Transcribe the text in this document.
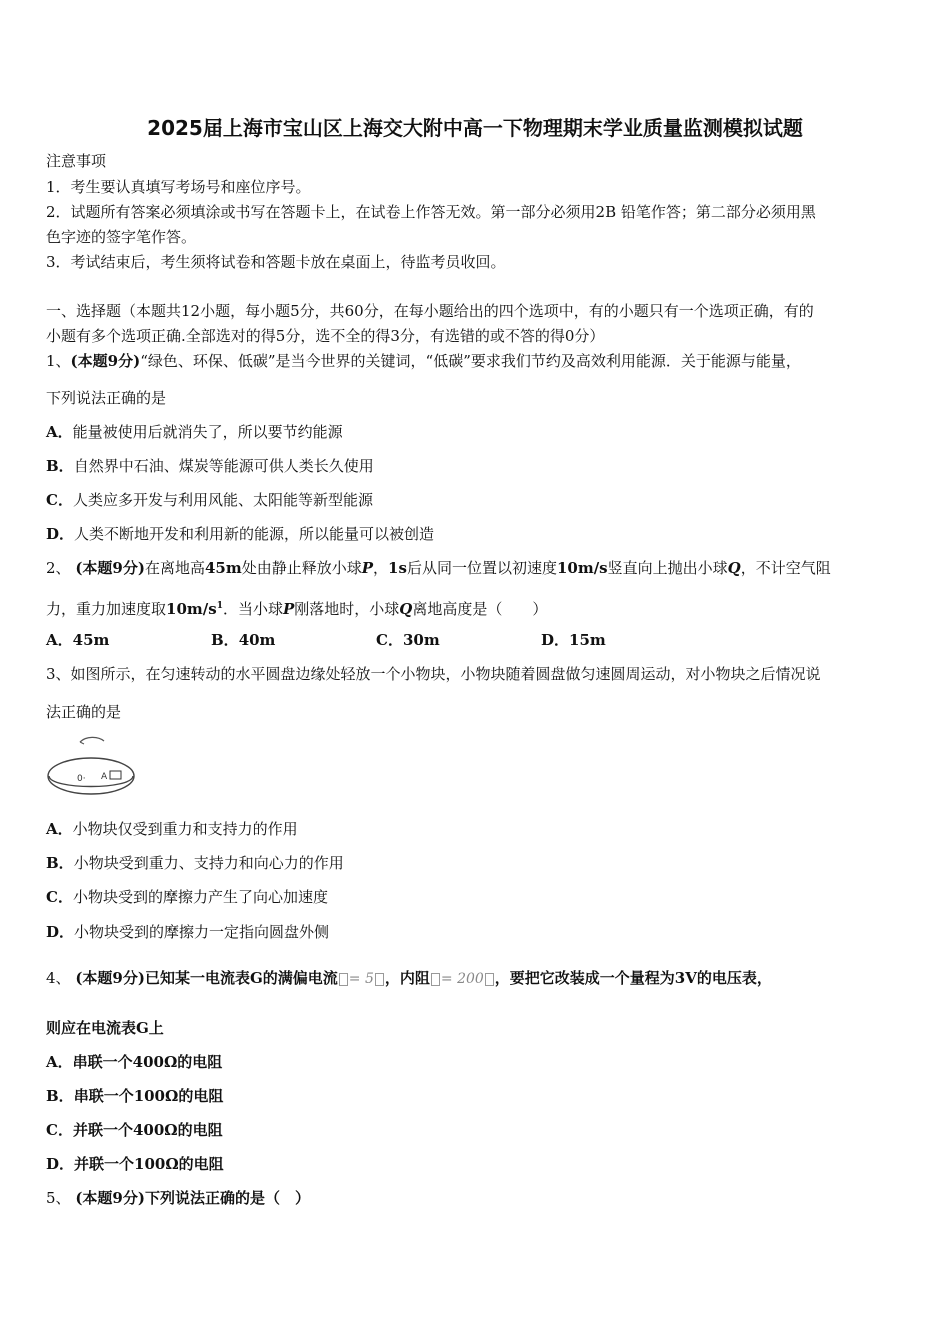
2025届上海市宝山区上海交大附中高一下物理期末学业质量监测模拟试题
注意事项
1．考生要认真填写考场号和座位序号。
2．试题所有答案必须填涂或书写在答题卡上，在试卷上作答无效。第一部分必须用2B 铅笔作答；第二部分必须用黑
色字迹的签字笔作答。
3．考试结束后，考生须将试卷和答题卡放在桌面上，待监考员收回。
一、选择题（本题共12小题，每小题5分，共60分，在每小题给出的四个选项中，有的小题只有一个选项正确，有的
小题有多个选项正确.全部选对的得5分，选不全的得3分，有选错的或不答的得0分）
1、(本题9分)“绿色、环保、低碳”是当今世界的关键词，“低碳”要求我们节约及高效利用能源．关于能源与能量，
下列说法正确的是
A．能量被使用后就消失了，所以要节约能源
B．自然界中石油、煤炭等能源可供人类长久使用
C．人类应多开发与利用风能、太阳能等新型能源
D．人类不断地开发和利用新的能源，所以能量可以被创造
2、 (本题9分)在离地高45m处由静止释放小球P，1s后从同一位置以初速度10m/s竖直向上抛出小球Q，不计空气阻
力，重力加速度取$10m/s^1$．当小球P刚落地时，小球Q离地高度是（　　）
A．45m	B．40m	C．30m	D．15m
3、如图所示，在匀速转动的水平圆盘边缘处轻放一个小物块，小物块随着圆盘做匀速圆周运动，对小物块之后情况说
法正确的是
0· A
A．小物块仅受到重力和支持力的作用
B．小物块受到重力、支持力和向心力的作用
C．小物块受到的摩擦力产生了向心加速度
D．小物块受到的摩擦力一定指向圆盘外侧
4、 (本题9分)已知某一电流表G的满偏电流 = 5 ，内阻 = 200 ，要把它改装成一个量程为3V的电压表，
则应在电流表G上
A．串联一个400Ω的电阻
B．串联一个100Ω的电阻
C．并联一个400Ω的电阻
D．并联一个100Ω的电阻
5、 (本题9分)下列说法正确的是（　）
